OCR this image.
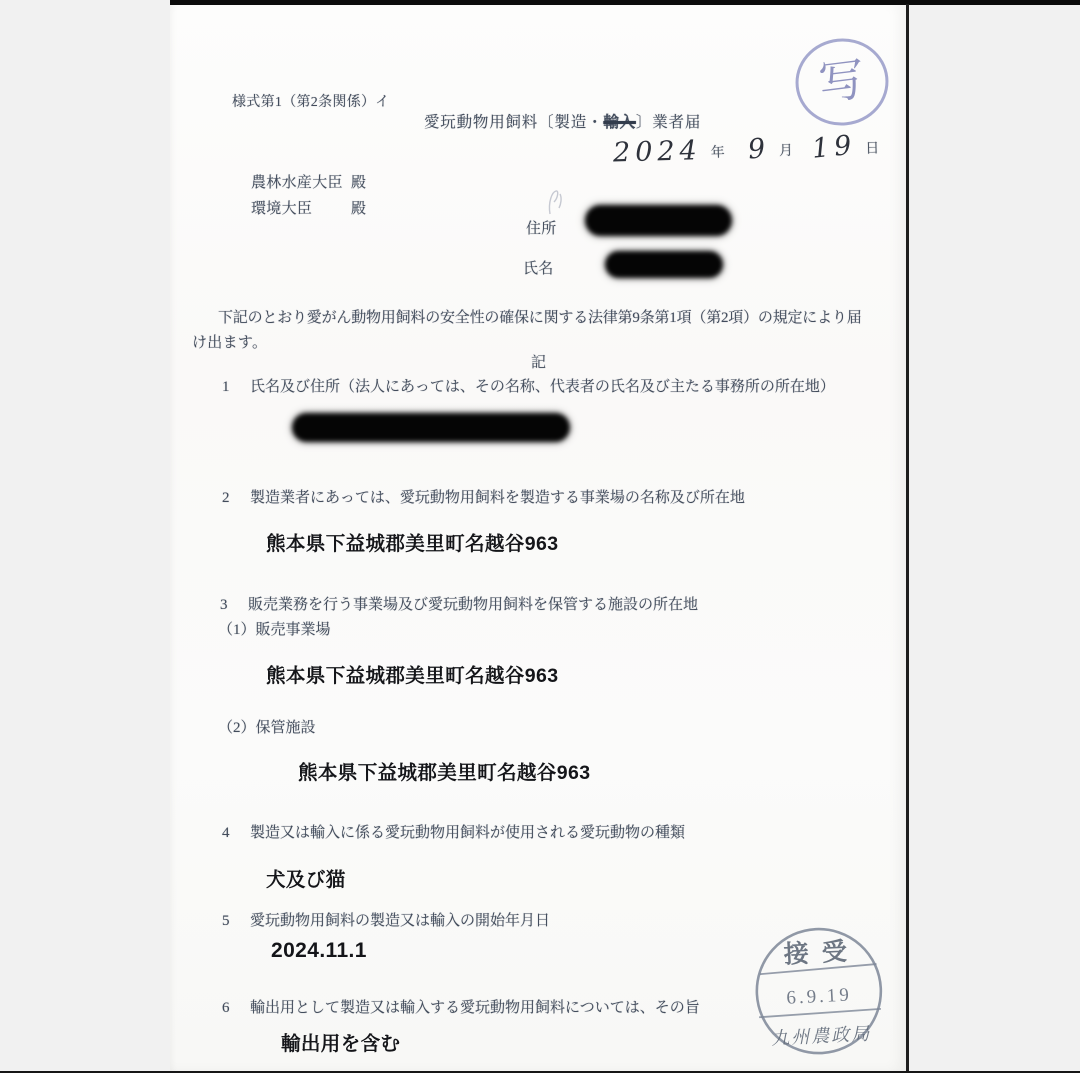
様式第1（第2条関係）イ
愛玩動物用飼料〔製造・輸入〕業者届
2024 年 9 月 19 日
農林水産大臣 殿
環境大臣	殿
住所
氏名
下記のとおり愛がん動物用飼料の安全性の確保に関する法律第9条第1項（第2項）の規定により届
け出ます。
記
1 氏名及び住所（法人にあっては、その名称、代表者の氏名及び主たる事務所の所在地）
2 製造業者にあっては、愛玩動物用飼料を製造する事業場の名称及び所在地
熊本県下益城郡美里町名越谷963
3 販売業務を行う事業場及び愛玩動物用飼料を保管する施設の所在地
（1）販売事業場
熊本県下益城郡美里町名越谷963
（2）保管施設
熊本県下益城郡美里町名越谷963
4 製造又は輸入に係る愛玩動物用飼料が使用される愛玩動物の種類
犬及び猫
5 愛玩動物用飼料の製造又は輸入の開始年月日
2024.11.1
6 輸出用として製造又は輸入する愛玩動物用飼料については、その旨
輸出用を含む
写
接受
6.9.19
九州農政局
